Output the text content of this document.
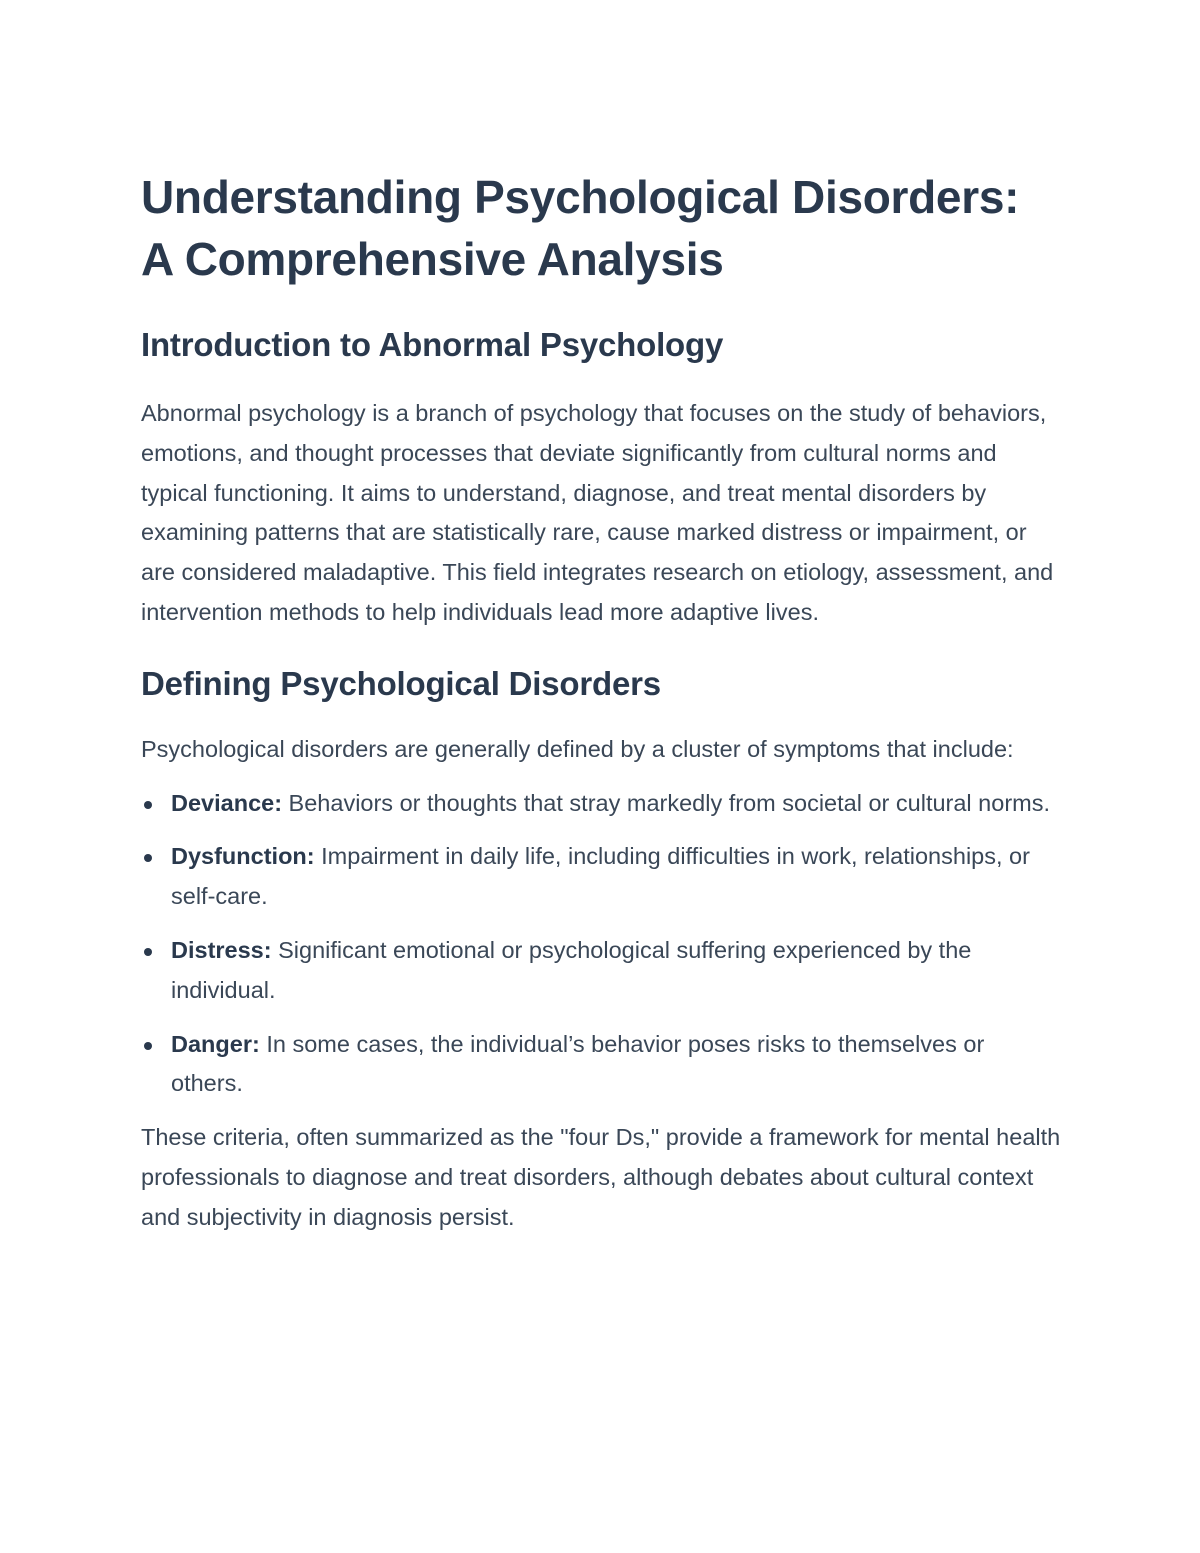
Understanding Psychological Disorders:
A Comprehensive Analysis
Introduction to Abnormal Psychology

Abnormal psychology is a branch of psychology that focuses on the study of behaviors, emotions, and thought processes that deviate significantly from cultural norms and typical functioning. It aims to understand, diagnose, and treat mental disorders by examining patterns that are statistically rare, cause marked distress or impairment, or are considered maladaptive. This field integrates research on etiology, assessment, and intervention methods to help individuals lead more adaptive lives.

Defining Psychological Disorders

Psychological disorders are generally defined by a cluster of symptoms that include:

Deviance: Behaviors or thoughts that stray markedly from societal or cultural norms.
Dysfunction: Impairment in daily life, including difficulties in work, relationships, or self-care.
Distress: Significant emotional or psychological suffering experienced by the individual.
Danger: In some cases, the individual’s behavior poses risks to themselves or others.

These criteria, often summarized as the "four Ds," provide a framework for mental health professionals to diagnose and treat disorders, although debates about cultural context and subjectivity in diagnosis persist.
